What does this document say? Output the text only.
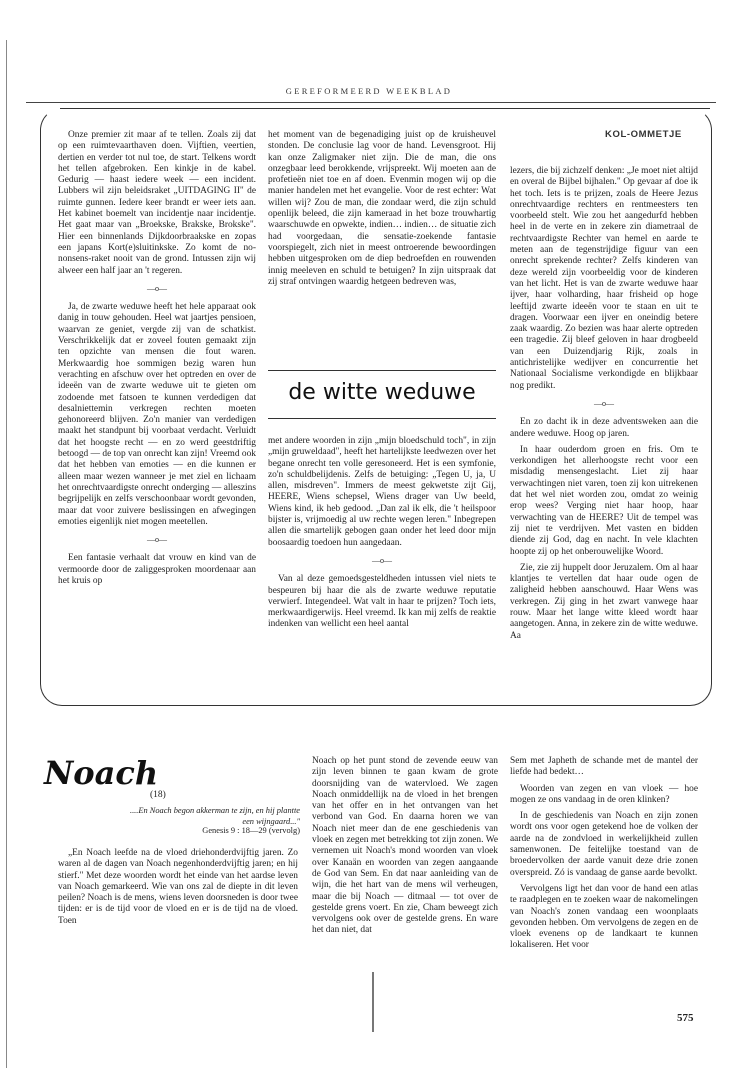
GEREFORMEERD WEEKBLAD
KOL-OMMETJE

Onze premier zit maar af te tellen. Zoals zij dat op een ruimtevaarthaven doen. Vijftien, veertien, dertien en verder tot nul toe, de start. Telkens wordt het tellen afgebroken. Een kinkje in de kabel. Gedurig — haast iedere week — een incident. Lubbers wil zijn beleidsraket „UITDAGING II" de ruimte gunnen. Iedere keer brandt er weer iets aan. Het kabinet boemelt van incidentje naar incidentje. Het gaat maar van „Broekske, Brakske, Brokske". Hier een binnenlands Dijkdoorbraakske en zopas een japans Kort(e)sluitinkske. Zo komt de no-nonsens-raket nooit van de grond. Intussen zijn wij alweer een half jaar an 't regeren.

—o—

Ja, de zwarte weduwe heeft het hele apparaat ook danig in touw gehouden. Heel wat jaartjes pensioen, waarvan ze geniet, vergde zij van de schatkist. Verschrikkelijk dat er zoveel fouten gemaakt zijn ten opzichte van mensen die fout waren. Merkwaardig hoe sommigen bezig waren hun verachting en afschuw over het optreden en over de ideeën van de zwarte weduwe uit te gieten om zodoende met fatsoen te kunnen verdedigen dat desalniettemin verkregen rechten moeten gehonoreerd blijven. Zo'n manier van verdedigen maakt het standpunt bij voorbaat verdacht. Verluidt dat het hoogste recht — en zo werd geestdriftig betoogd — de top van onrecht kan zijn! Vreemd ook dat het hebben van emoties — en die kunnen er alleen maar wezen wanneer je met ziel en lichaam het onrechtvaardigste onrecht onderging — alleszins begrijpelijk en zelfs verschoonbaar wordt gevonden, maar dat voor zuivere beslissingen en afwegingen emoties eigenlijk niet mogen meetellen.

—o—

Een fantasie verhaalt dat vrouw en kind van de vermoorde door de zaliggesproken moordenaar aan het kruis op

het moment van de begenadiging juist op de kruisheuvel stonden. De conclusie lag voor de hand. Levensgroot. Hij kan onze Zaligmaker niet zijn. Die de man, die ons onzegbaar leed berokkende, vrijspreekt. Wij moeten aan de profetieën niet toe en af doen. Evenmin mogen wij op die manier handelen met het evangelie. Voor de rest echter: Wat willen wij? Zou de man, die zondaar werd, die zijn schuld openlijk beleed, die zijn kameraad in het boze trouwhartig waarschuwde en opwekte, indien… indien… de situatie zich had voorgedaan, die sensatie-zoekende fantasie voorspiegelt, zich niet in meest ontroerende bewoordingen hebben uitgesproken om de diep bedroefden en rouwenden innig meeleven en schuld te betuigen? In zijn uitspraak dat zij straf ontvingen waardig hetgeen bedreven was,

de witte weduwe

met andere woorden in zijn „mijn bloedschuld toch", in zijn „mijn gruweldaad", heeft het hartelijkste leedwezen over het begane onrecht ten volle geresoneerd. Het is een symfonie, zo'n schuldbelijdenis. Zelfs de betuiging: „Tegen U, ja, U allen, misdreven". Immers de meest gekwetste zijt Gij, HEERE, Wiens schepsel, Wiens drager van Uw beeld, Wiens kind, ik heb gedood. „Dan zal ik elk, die 't heilspoor bijster is, vrijmoedig al uw rechte wegen leren." Inbegrepen allen die smartelijk gebogen gaan onder het leed door mijn boosaardig toedoen hun aangedaan.

—o—

Van al deze gemoedsgesteldheden intussen viel niets te bespeuren bij haar die als de zwarte weduwe reputatie verwierf. Integendeel. Wat valt in haar te prijzen? Toch iets, merkwaardigerwijs. Heel vreemd. Ik kan mij zelfs de reaktie indenken van wellicht een heel aantal

lezers, die bij zichzelf denken: „Je moet niet altijd en overal de Bijbel bijhalen." Op gevaar af doe ik het toch. Iets is te prijzen, zoals de Heere Jezus onrechtvaardige rechters en rentmeesters ten voorbeeld stelt. Wie zou het aangedurfd hebben heel in de verte en in zekere zin diametraal de rechtvaardigste Rechter van hemel en aarde te meten aan de tegenstrijdige figuur van een onrecht sprekende rechter? Zelfs kinderen van deze wereld zijn voorbeeldig voor de kinderen van het licht. Het is van de zwarte weduwe haar ijver, haar volharding, haar frisheid op hoge leeftijd zwarte ideeën voor te staan en uit te dragen. Voorwaar een ijver en oneindig betere zaak waardig. Zo bezien was haar alerte optreden een tragedie. Zij bleef geloven in haar drogbeeld van een Duizendjarig Rijk, zoals in antichristelijke wedijver en concurrentie het Nationaal Socialisme verkondigde en blijkbaar nog predikt.

—o—

En zo dacht ik in deze adventsweken aan die andere weduwe. Hoog op jaren.

In haar ouderdom groen en fris. Om te verkondigen het allerhoogste recht voor een misdadig mensengeslacht. Liet zij haar verwachtingen niet varen, toen zij kon uitrekenen dat het wel niet worden zou, omdat zo weinig erop wees? Verging niet haar hoop, haar verwachting van de HEERE? Uit de tempel was zij niet te verdrijven. Met vasten en bidden diende zij God, dag en nacht. In vele klachten hoopte zij op het onberouwelijke Woord.

Zie, zie zij huppelt door Jeruzalem. Om al haar klantjes te vertellen dat haar oude ogen de zaligheid hebben aanschouwd. Haar Wens was verkregen. Zij ging in het zwart vanwege haar rouw. Maar het lange witte kleed wordt haar aangetogen. Anna, in zekere zin de witte weduwe. Aa

Noach
(18)
....En Noach begon akkerman te zijn, en hij plantte een wijngaard..."
Genesis 9 : 18—29 (vervolg)

„En Noach leefde na de vloed driehonderdvijftig jaren. Zo waren al de dagen van Noach negenhonderdvijftig jaren; en hij stierf." Met deze woorden wordt het einde van het aardse leven van Noach gemarkeerd. Wie van ons zal de diepte in dit leven peilen? Noach is de mens, wiens leven doorsneden is door twee tijden: er is de tijd voor de vloed en er is de tijd na de vloed. Toen

Noach op het punt stond de zevende eeuw van zijn leven binnen te gaan kwam de grote doorsnijding van de watervloed. We zagen Noach onmiddellijk na de vloed in het brengen van het offer en in het ontvangen van het verbond van God. En daarna horen we van Noach niet meer dan de ene geschiedenis van vloek en zegen met betrekking tot zijn zonen. We vernemen uit Noach's mond woorden van vloek over Kanaän en woorden van zegen aangaande de God van Sem. En dat naar aanleiding van de wijn, die het hart van de mens wil verheugen, maar die bij Noach — ditmaal — tot over de gestelde grens voert. En zie, Cham beweegt zich vervolgens ook over de gestelde grens. En ware het dan niet, dat

Sem met Japheth de schande met de mantel der liefde had bedekt…

Woorden van zegen en van vloek — hoe mogen ze ons vandaag in de oren klinken?

In de geschiedenis van Noach en zijn zonen wordt ons voor ogen getekend hoe de volken der aarde na de zondvloed in werkelijkheid zullen samenwonen. De feitelijke toestand van de broedervolken der aarde vanuit deze drie zonen overspreid. Zó is vandaag de ganse aarde bevolkt.

Vervolgens ligt het dan voor de hand een atlas te raadplegen en te zoeken waar de nakomelingen van Noach's zonen vandaag een woonplaats gevonden hebben. Om vervolgens de zegen en de vloek evenens op de landkaart te kunnen lokaliseren. Het voor

575
